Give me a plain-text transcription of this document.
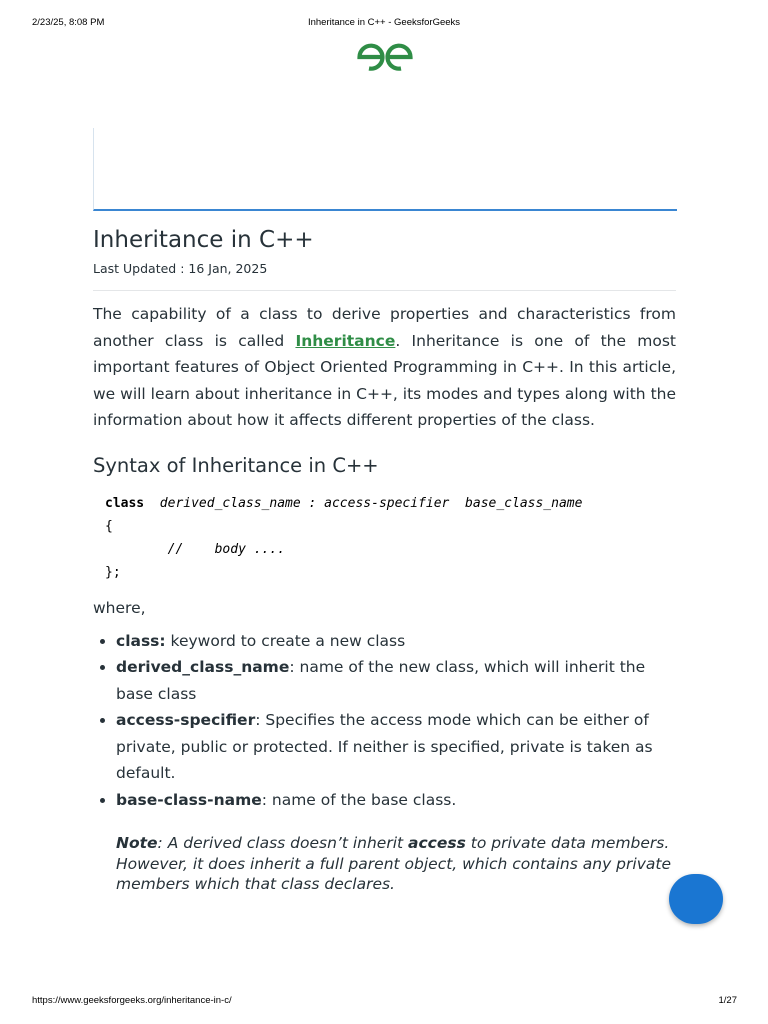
2/23/25, 8:08 PM	Inheritance in C++ - GeeksforGeeks
Inheritance in C++
Last Updated : 16 Jan, 2025

The capability of a class to derive properties and characteristics from another class is called Inheritance. Inheritance is one of the most important features of Object Oriented Programming in C++. In this article, we will learn about inheritance in C++, its modes and types along with the information about how it affects different properties of the class.

Syntax of Inheritance in C++
class derived_class_name : access-specifier  base_class_name
{
//    body ....
};

where,

• class: keyword to create a new class
• derived_class_name: name of the new class, which will inherit the base class
• access-specifier: Specifies the access mode which can be either of private, public or protected. If neither is specified, private is taken as default.
• base-class-name: name of the base class.
Note: A derived class doesn’t inherit access to private data members. However, it does inherit a full parent object, which contains any private members which that class declares.
https://www.geeksforgeeks.org/inheritance-in-c/	1/27
